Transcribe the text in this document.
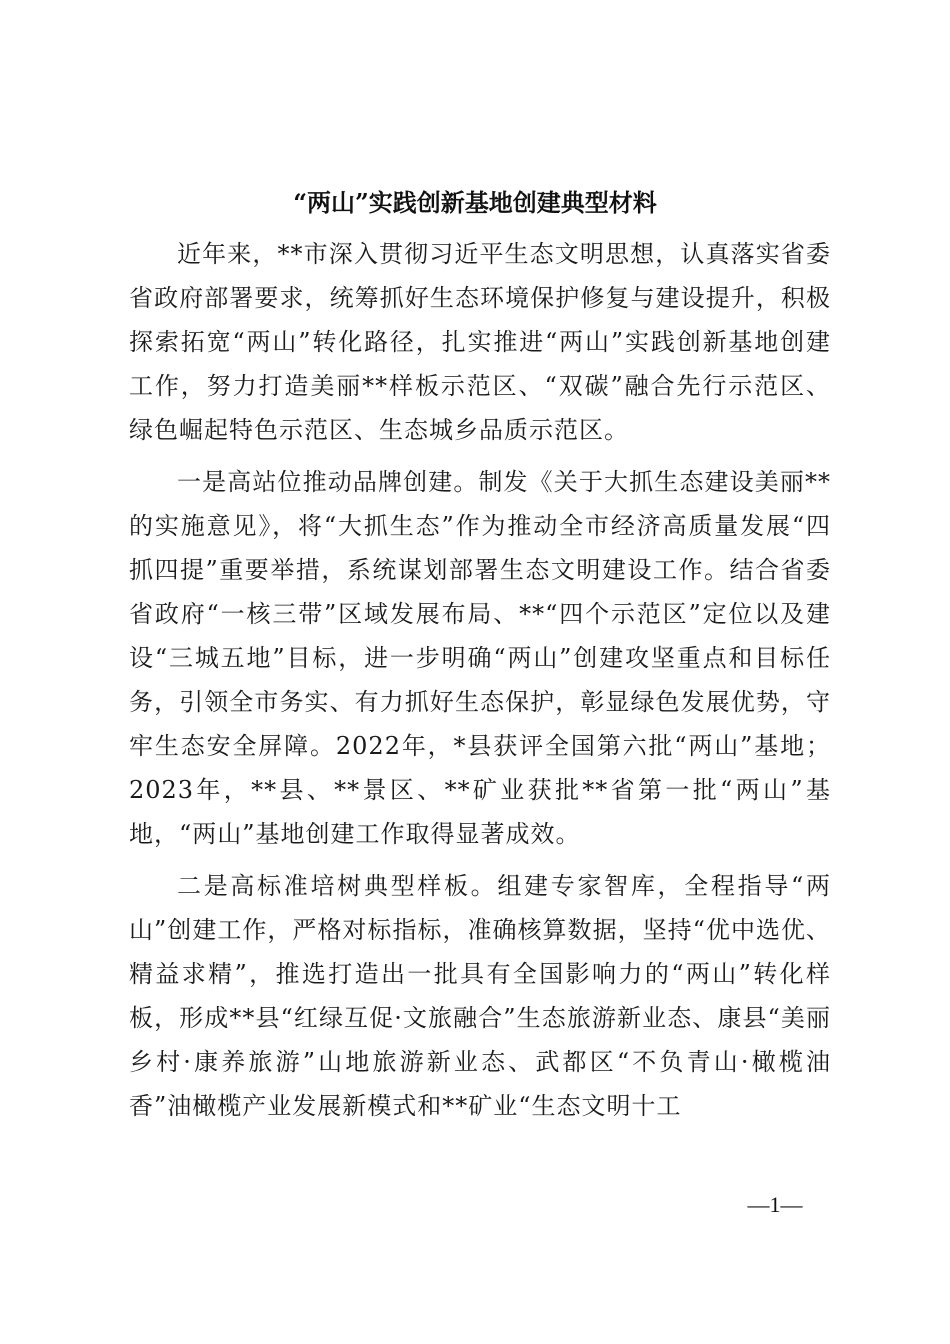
“两山”实践创新基地创建典型材料

近年来，**市深入贯彻习近平生态文明思想，认真落实省委省政府部署要求，统筹抓好生态环境保护修复与建设提升，积极探索拓宽“两山”转化路径，扎实推进“两山”实践创新基地创建工作，努力打造美丽**样板示范区、“双碳”融合先行示范区、绿色崛起特色示范区、生态城乡品质示范区。

一是高站位推动品牌创建。制发《关于大抓生态建设美丽**的实施意见》，将“大抓生态”作为推动全市经济高质量发展“四抓四提”重要举措，系统谋划部署生态文明建设工作。结合省委省政府“一核三带”区域发展布局、**“四个示范区”定位以及建设“三城五地”目标，进一步明确“两山”创建攻坚重点和目标任务，引领全市务实、有力抓好生态保护，彰显绿色发展优势，守牢生态安全屏障。2022年，*县获评全国第六批“两山”基地；2023年，**县、**景区、**矿业获批**省第一批“两山”基地，“两山”基地创建工作取得显著成效。

二是高标准培树典型样板。组建专家智库，全程指导“两山”创建工作，严格对标指标，准确核算数据，坚持“优中选优、精益求精”，推选打造出一批具有全国影响力的“两山”转化样板，形成**县“红绿互促·文旅融合”生态旅游新业态、康县“美丽乡村·康养旅游”山地旅游新业态、武都区“不负青山·橄榄油香”油橄榄产业发展新模式和**矿业“生态文明十工

—1—
